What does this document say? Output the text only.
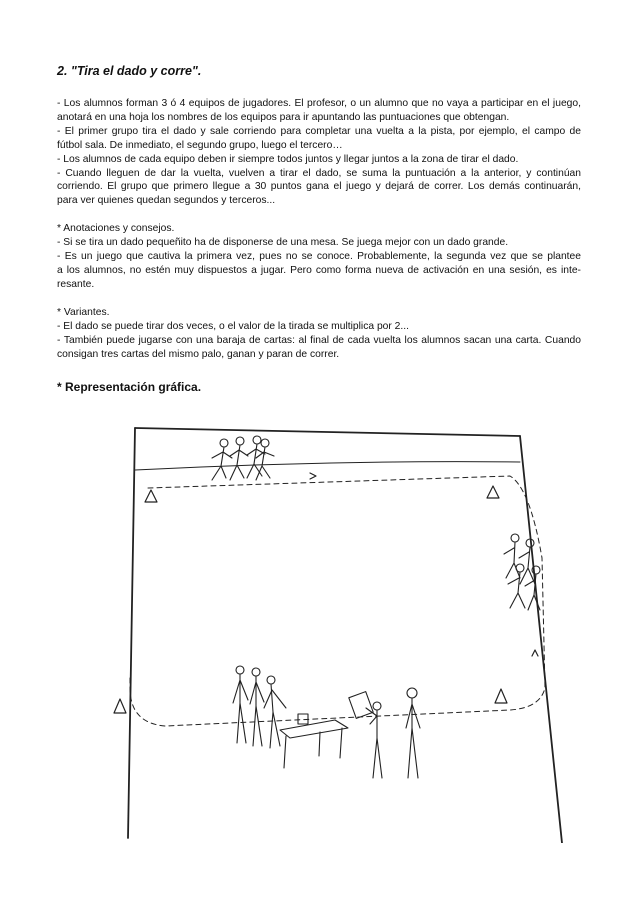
2. "Tira el dado y corre".
- Los alumnos forman 3 ó 4 equipos de jugadores. El profesor, o un alumno que no vaya a participar en el juego,
anotará en una hoja los nombres de los equipos para ir apuntando las puntuaciones que obtengan.
- El primer grupo tira el dado y sale corriendo para completar una vuelta a la pista, por ejemplo, el campo de
fútbol sala. De inmediato, el segundo grupo, luego el tercero…
- Los alumnos de cada equipo deben ir siempre todos juntos y llegar juntos a la zona de tirar el dado.
- Cuando lleguen de dar la vuelta, vuelven a tirar el dado, se suma la puntuación a la anterior, y continúan
corriendo. El grupo que primero llegue a 30 puntos gana el juego y dejará de correr. Los demás continuarán,
para ver quienes quedan segundos y terceros...
* Anotaciones y consejos.
- Si se tira un dado pequeñito ha de disponerse de una mesa. Se juega mejor con un dado grande.
- Es un juego que cautiva la primera vez, pues no se conoce. Probablemente, la segunda vez que se plantee
a los alumnos, no estén muy dispuestos a jugar. Pero como forma nueva de activación en una sesión, es inte-
resante.
* Variantes.
- El dado se puede tirar dos veces, o el valor de la tirada se multiplica por 2...
- También puede jugarse con una baraja de cartas: al final de cada vuelta los alumnos sacan una carta. Cuando
consigan tres cartas del mismo palo, ganan y paran de correr.
* Representación gráfica.
